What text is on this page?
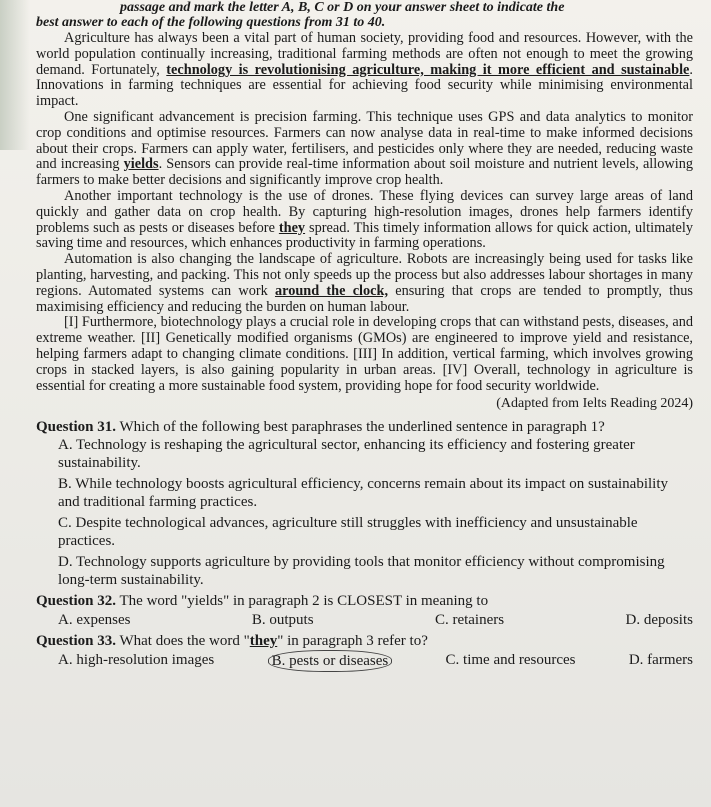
passage and mark the letter A, B, C or D on your answer sheet to indicate the
best answer to each of the following questions from 31 to 40.

Agriculture has always been a vital part of human society, providing food and resources. However, with the world population continually increasing, traditional farming methods are often not enough to meet the growing demand. Fortunately, technology is revolutionising agriculture, making it more efficient and sustainable. Innovations in farming techniques are essential for achieving food security while minimising environmental impact.

One significant advancement is precision farming. This technique uses GPS and data analytics to monitor crop conditions and optimise resources. Farmers can now analyse data in real-time to make informed decisions about their crops. Farmers can apply water, fertilisers, and pesticides only where they are needed, reducing waste and increasing yields. Sensors can provide real-time information about soil moisture and nutrient levels, allowing farmers to make better decisions and significantly improve crop health.

Another important technology is the use of drones. These flying devices can survey large areas of land quickly and gather data on crop health. By capturing high-resolution images, drones help farmers identify problems such as pests or diseases before they spread. This timely information allows for quick action, ultimately saving time and resources, which enhances productivity in farming operations.

Automation is also changing the landscape of agriculture. Robots are increasingly being used for tasks like planting, harvesting, and packing. This not only speeds up the process but also addresses labour shortages in many regions. Automated systems can work around the clock, ensuring that crops are tended to promptly, thus maximising efficiency and reducing the burden on human labour.

[I] Furthermore, biotechnology plays a crucial role in developing crops that can withstand pests, diseases, and extreme weather. [II] Genetically modified organisms (GMOs) are engineered to improve yield and resistance, helping farmers adapt to changing climate conditions. [III] In addition, vertical farming, which involves growing crops in stacked layers, is also gaining popularity in urban areas. [IV] Overall, technology in agriculture is essential for creating a more sustainable food system, providing hope for food security worldwide.

(Adapted from Ielts Reading 2024)

Question 31. Which of the following best paraphrases the underlined sentence in paragraph 1?

A. Technology is reshaping the agricultural sector, enhancing its efficiency and fostering greater sustainability.

B. While technology boosts agricultural efficiency, concerns remain about its impact on sustainability and traditional farming practices.

C. Despite technological advances, agriculture still struggles with inefficiency and unsustainable practices.

D. Technology supports agriculture by providing tools that monitor efficiency without compromising long-term sustainability.

Question 32. The word "yields" in paragraph 2 is CLOSEST in meaning to

A. expenses	B. outputs	C. retainers	D. deposits

Question 33. What does the word "they" in paragraph 3 refer to?

A. high-resolution images	B. pests or diseases	C. time and resources	D. farmers
